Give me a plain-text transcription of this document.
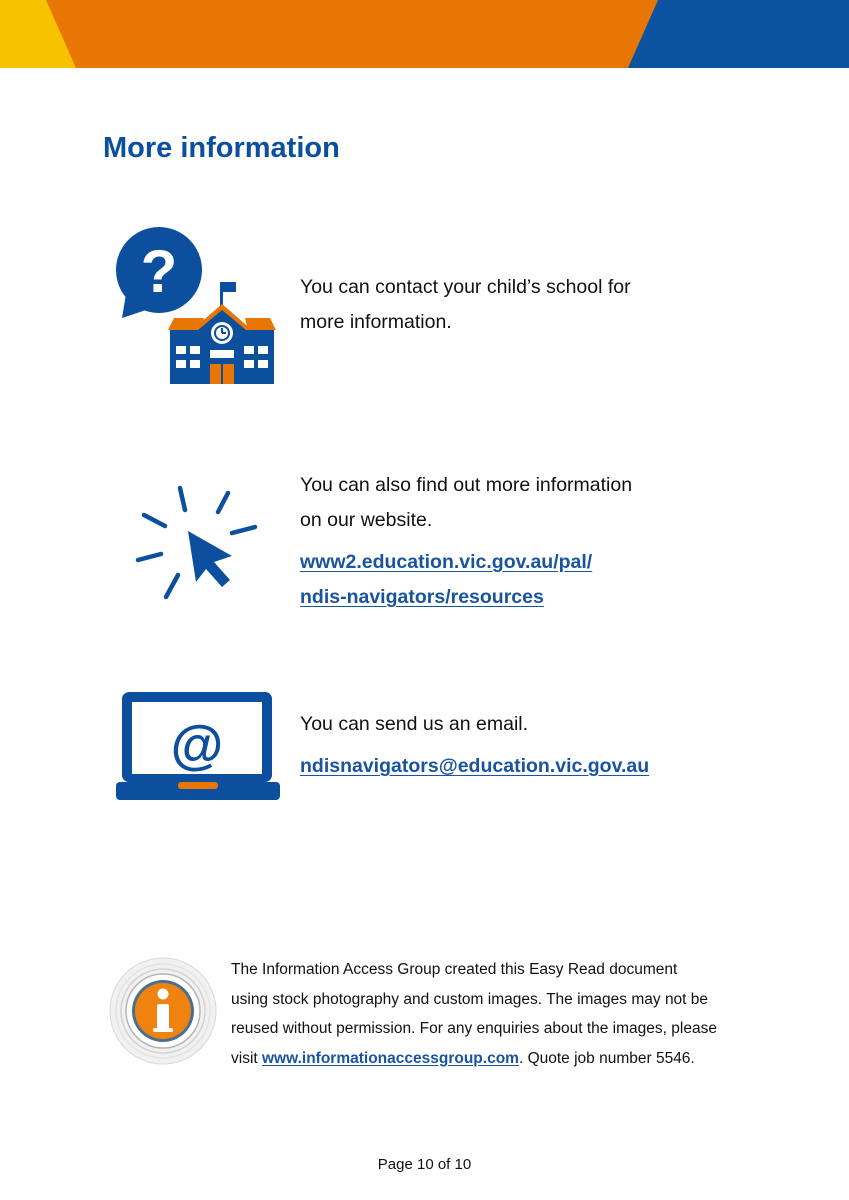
More information
?	You can contact your child’s school for

more information.

You can also find out more information

on our website.

www2.education.vic.gov.au/pal/

ndis-navigators/resources

@	You can send us an email.

ndisnavigators@education.vic.gov.au

The Information Access Group created this Easy Read document
using stock photography and custom images. The images may not be
reused without permission. For any enquiries about the images, please
visit www.informationaccessgroup.com. Quote job number 5546.
Page 10 of 10
